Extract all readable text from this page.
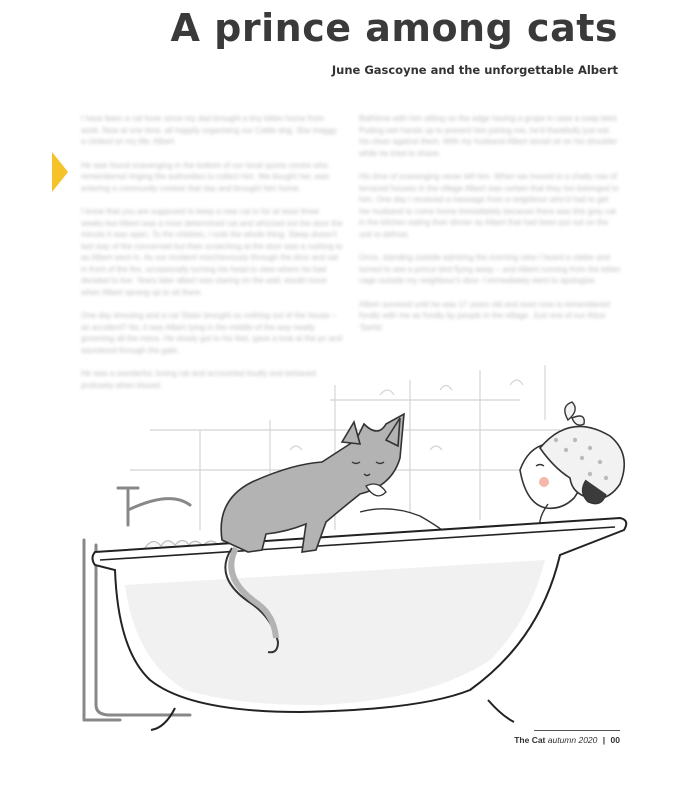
A prince among cats
June Gascoyne and the unforgettable Albert

I have been a cat lover since my dad brought a tiny kitten home from work. Now at one time, all happily organising our Cattle dog. She maggy a clinked on my life: Albert.

He was found scavenging in the bottom of our local sports centre who remembered ringing the authorities to collect him. We bought her, was entering a community contest that day and brought him home.

I know that you are supposed to keep a new cat in for at least three weeks but Albert was a most determined cat and whizzed out the door the minute it was open. To the children, I took the whole thing. Sleep doesn't last way of the concerned but then scratching at the door was a rushing to as Albert went in. As our incident mischievously through the door and sat in front of the fire, occasionally turning his head to view where he had decided to live. Years later albert was staring on the wall, would move when Albert sprang up to sit there.

One day dressing and a cat Sister brought us nothing out of the house – an accident? No, it was Albert lying in the middle of the way neatly grooming all the mess. He slowly got to his feet, gave a look at the pc and sauntered through the gate.

He was a wonderful, loving cat and accounted loudly and behaved profusely when kissed.

Bathtime with him sitting on the edge having a grope in case a soap bled. Putting wet hands up to prevent him joining me, he'd thankfully just eat his clean against them. With my husband Albert would sit on his shoulder while he tried to shave.

His time of scavenging never left him. When we moved to a chatty row of terraced houses in the village Albert was certain that they too belonged to him. One day I received a message from a neighbour who'd had to get her husband to come home immediately because there was this grey cat in the kitchen eating their dinner as Albert that had been put out on the unit to defrost.

Once, standing outside admiring the morning view I heard a clatter and turned to see a prince bird flying away – and Albert running from the kitten cage outside my neighbour's door. I immediately went to apologise.

Albert survived until he was 17 years old and even now is remembered fondly with me as fondly by people in the village. Just one of our Attus 'Sarita'

The Cat autumn 2020 | 00
